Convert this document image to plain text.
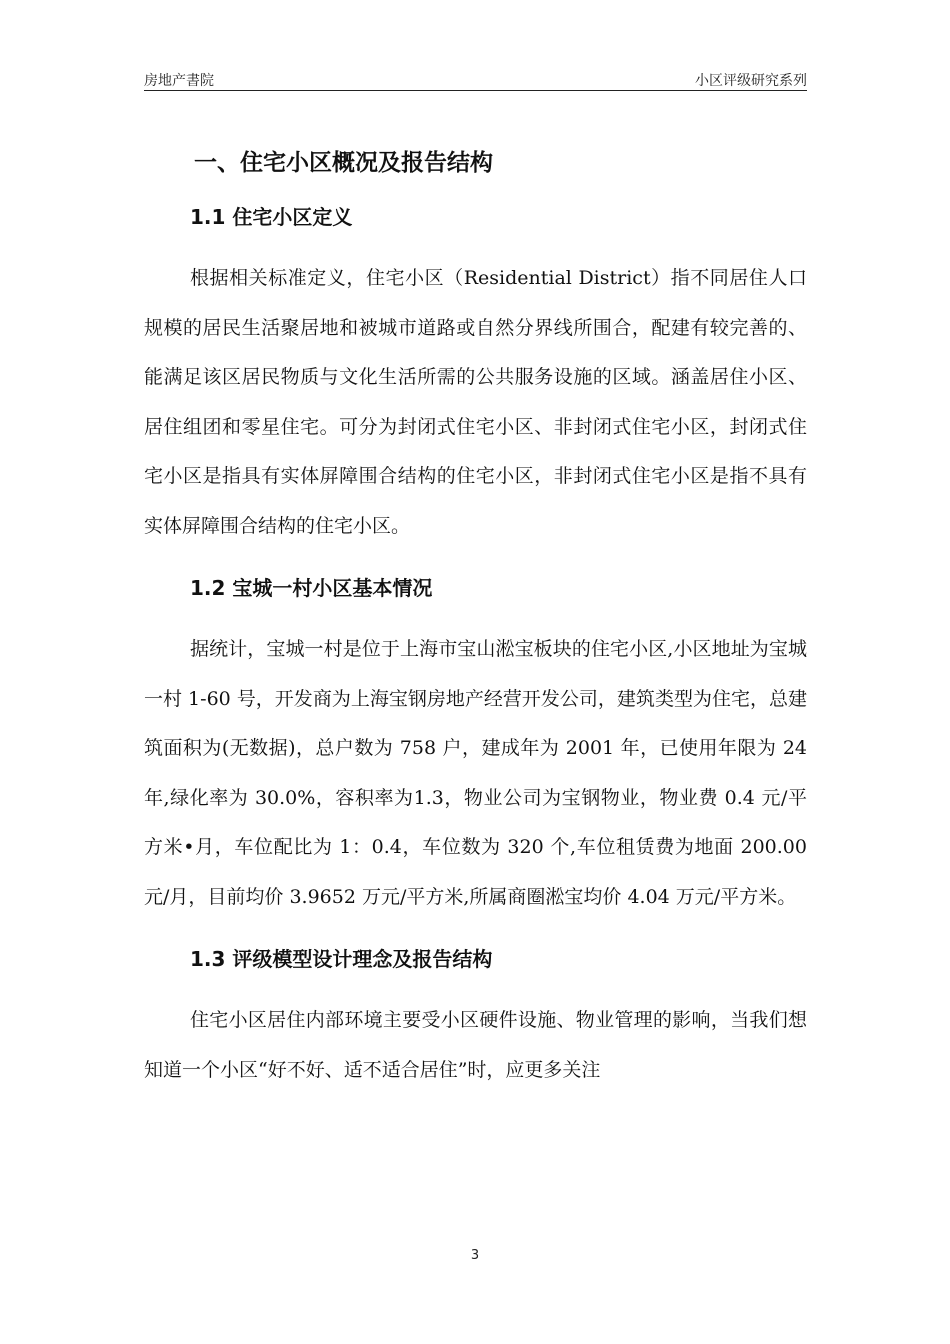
房地产書院	小区评级研究系列
一、住宅小区概况及报告结构
1.1 住宅小区定义

根据相关标准定义，住宅小区（Residential District）指不同居住人口规模的居民生活聚居地和被城市道路或自然分界线所围合，配建有较完善的、能满足该区居民物质与文化生活所需的公共服务设施的区域。涵盖居住小区、居住组团和零星住宅。可分为封闭式住宅小区、非封闭式住宅小区，封闭式住宅小区是指具有实体屏障围合结构的住宅小区，非封闭式住宅小区是指不具有实体屏障围合结构的住宅小区。

1.2 宝城一村小区基本情况

据统计，宝城一村是位于上海市宝山淞宝板块的住宅小区,小区地址为宝城一村 1-60 号，开发商为上海宝钢房地产经营开发公司，建筑类型为住宅，总建筑面积为(无数据)，总户数为 758 户，建成年为 2001 年，已使用年限为 24 年,绿化率为 30.0%，容积率为1.3，物业公司为宝钢物业，物业费 0.4 元/平方米•月，车位配比为 1：0.4，车位数为 320 个,车位租赁费为地面 200.00 元/月，目前均价 3.9652 万元/平方米,所属商圈淞宝均价 4.04 万元/平方米。

1.3 评级模型设计理念及报告结构

住宅小区居住内部环境主要受小区硬件设施、物业管理的影响，当我们想知道一个小区“好不好、适不适合居住”时，应更多关注

3
